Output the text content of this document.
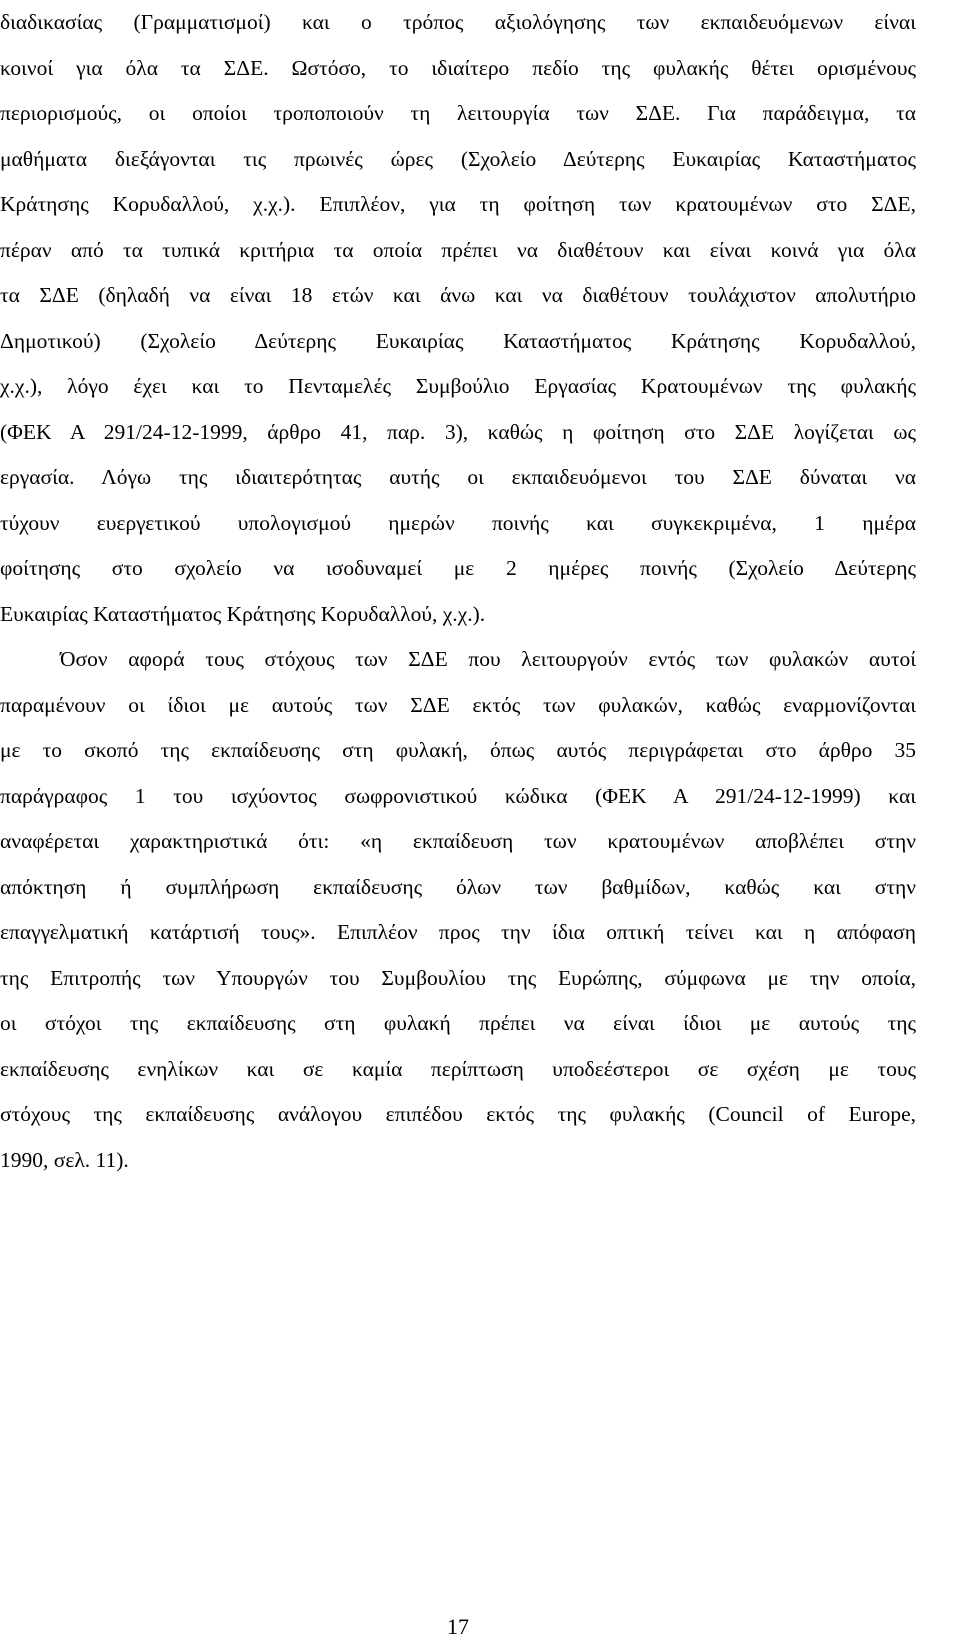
διαδικασίας (Γραμματισμοί) και ο τρόπος αξιολόγησης των εκπαιδευόμενων είναι
κοινοί για όλα τα ΣΔΕ. Ωστόσο, το ιδιαίτερο πεδίο της φυλακής θέτει ορισμένους
περιορισμούς, οι οποίοι τροποποιούν τη λειτουργία των ΣΔΕ. Για παράδειγμα, τα
μαθήματα διεξάγονται τις πρωινές ώρες (Σχολείο Δεύτερης Ευκαιρίας Καταστήματος
Κράτησης Κορυδαλλού, χ.χ.). Επιπλέον, για τη φοίτηση των κρατουμένων στο ΣΔΕ,
πέραν από τα τυπικά κριτήρια τα οποία πρέπει να διαθέτουν και είναι κοινά για όλα
τα ΣΔΕ (δηλαδή να είναι 18 ετών και άνω και να διαθέτουν τουλάχιστον απολυτήριο
Δημοτικού) (Σχολείο Δεύτερης Ευκαιρίας Καταστήματος Κράτησης Κορυδαλλού,
χ.χ.), λόγο έχει και το Πενταμελές Συμβούλιο Εργασίας Κρατουμένων της φυλακής
(ΦΕΚ Α 291/24-12-1999, άρθρο 41, παρ. 3), καθώς η φοίτηση στο ΣΔΕ λογίζεται ως
εργασία. Λόγω της ιδιαιτερότητας αυτής οι εκπαιδευόμενοι του ΣΔΕ δύναται να
τύχουν ευεργετικού υπολογισμού ημερών ποινής και συγκεκριμένα, 1 ημέρα
φοίτησης στο σχολείο να ισοδυναμεί με 2 ημέρες ποινής (Σχολείο Δεύτερης
Ευκαιρίας Καταστήματος Κράτησης Κορυδαλλού, χ.χ.).
Όσον αφορά τους στόχους των ΣΔΕ που λειτουργούν εντός των φυλακών αυτοί
παραμένουν οι ίδιοι με αυτούς των ΣΔΕ εκτός των φυλακών, καθώς εναρμονίζονται
με το σκοπό της εκπαίδευσης στη φυλακή, όπως αυτός περιγράφεται στο άρθρο 35
παράγραφος 1 του ισχύοντος σωφρονιστικού κώδικα (ΦΕΚ Α 291/24-12-1999) και
αναφέρεται χαρακτηριστικά ότι: «η εκπαίδευση των κρατουμένων αποβλέπει στην
απόκτηση ή συμπλήρωση εκπαίδευσης όλων των βαθμίδων, καθώς και στην
επαγγελματική κατάρτισή τους». Επιπλέον προς την ίδια οπτική τείνει και η απόφαση
της Επιτροπής των Υπουργών του Συμβουλίου της Ευρώπης, σύμφωνα με την οποία,
οι στόχοι της εκπαίδευσης στη φυλακή πρέπει να είναι ίδιοι με αυτούς της
εκπαίδευσης ενηλίκων και σε καμία περίπτωση υποδεέστεροι σε σχέση με τους
στόχους της εκπαίδευσης ανάλογου επιπέδου εκτός της φυλακής (Council of Europe,
1990, σελ. 11).
17
